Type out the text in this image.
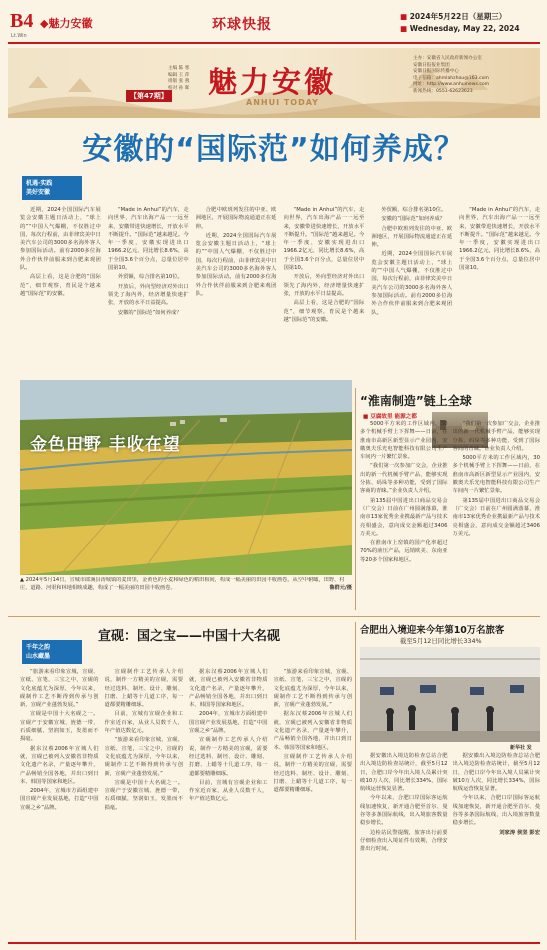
B4
Lt.Win
◆魅力安徽	环球快报
■ 2024年5月22日（星期三）
■ Wednesday, May 22, 2024
【第47期】
主编 陈 寒
编辑 王 萍
排版 张 燕
校对 孙 晖 魅力安徽
ANHUI TODAY
主办：安徽省人民政府新闻办公室
安徽日报报业集团
安徽日报国际传播中心
电子信箱：ahmlahzhou@163.com
网址：http://www.anhuinews.com
新闻热线：0551-62623623
安徽的“国际范”如何养成？
机遇·实践
美好安徽

近期，2024全国国际汽车展览会安徽主题日活动上，“球上的”“中国人气爆棚，不仅胜过中国，每次行程前，由菲律宾美中日美汽车公司的3000多名海外客人参加国际活动。前有2000多位海外合作伙伴前服来到合肥来观团队。

高层上看，这是合肥的“国际范”，细节观察，育民是个越来越“国际范”的安徽。

“Made in Anhui”的汽车，走向世界，汽车出海产品一一远至来，安徽带进快速增长，开放水平不断提升。“国际范”越来越足。今年一季度，安徽实现进出口1966.2亿元，同比增长8.6%，高于全国3.6个百分点，总量位居中国第10。

外贸额，综合排名第10位。

开放后，外向型经济对外出口领先了海内外，经济增量快速扩张，开放的水平日益提高。

安徽的“国际范”如何养成？

合肥中欧班列发往的中亚、欧洲地区，开展国际物流通道正在延伸。

近期，2024全国国际汽车展览会安徽主题日活动上，“球上的”“中国人气爆棚，不仅胜过中国，每次行程前，由菲律宾美中日美汽车公司的3000多名海外客人参加国际活动。前有2000多位海外合作伙伴前服来到合肥来观团队。

“Made in Anhui”的汽车，走向世界，汽车出海产品一一远至来，安徽带进快速增长，开放水平不断提升。“国际范”越来越足。今年一季度，安徽实现进出口1966.2亿元，同比增长8.6%，高于全国3.6个百分点，总量位居中国第10。

开放后，外向型经济对外出口领先了海内外，经济增量快速扩张，开放的水平日益提高。

高层上看，这是合肥的“国际范”，细节观察，育民是个越来越“国际范”的安徽。

外贸额，综合排名第10位。

安徽的“国际范”如何养成？

合肥中欧班列发往的中亚、欧洲地区，开展国际物流通道正在延伸。

近期，2024全国国际汽车展览会安徽主题日活动上，“球上的”“中国人气爆棚，不仅胜过中国，每次行程前，由菲律宾美中日美汽车公司的3000多名海外客人参加国际活动。前有2000多位海外合作伙伴前服来到合肥来观团队。

“Made in Anhui”的汽车，走向世界，汽车出海产品一一远至来，安徽带进快速增长，开放水平不断提升。“国际范”越来越足。今年一季度，安徽实现进出口1966.2亿元，同比增长8.6%，高于全国3.6个百分点，总量位居中国第10。

金色田野 丰收在望
▲ 2024年5月14日，宣城市郎溪县涛城镇的麦田里，金黄色的小麦和绿色的稻田相间，构成一幅美丽的田园丰收画卷。从空中俯瞰，田野、村庄、道路、河渠和林地相映成趣，构成了一幅美丽的田园丰收画卷。	鲁群元/摄
“淮南制造”链上全球
■ 豆腐故里 能源之都

5000平方米的工作区域内，30多个机械手臂上下挥舞——日前，在淮南市高新区新型显示产业园内，安徽奥夫乐光电智能科技有限公司生产车间内一片繁忙景象。

“我们第一次参加广交会，企业推出的新一代机械手臂产品，能够实现分拣、码垛等多种功能，受到了国际客商的青睐。”企业负责人介绍。

第135届中国进出口商品交易会（广交会）日前在广州圆满落幕，淮南市13家优秀企业携最新产品与技术亮相盛会，意向成交金额超过3406万美元。

在淮南市上窑镇的国产化率超过70%的液压产品，远销欧美、东南亚等20多个国家和地区。

“我们第一次参加广交会，企业推出的新一代机械手臂产品，能够实现分拣、码垛等多种功能，受到了国际客商的青睐。”企业负责人介绍。

5000平方米的工作区域内，30多个机械手臂上下挥舞——日前，在淮南市高新区新型显示产业园内，安徽奥夫乐光电智能科技有限公司生产车间内一片繁忙景象。

第135届中国进出口商品交易会（广交会）日前在广州圆满落幕，淮南市13家优秀企业携最新产品与技术亮相盛会，意向成交金额超过3406万美元。

宣砚：国之宝——中国十大名砚
千年之韵
山水藏墨

“旅游来看印象宣城，宣砚、宣纸、宣笔，三宝之中，宣砚的文化底蕴尤为深厚，今年以来，砚制作工艺不断得到传承与创新，宣砚产业蓬勃发展。”

宣砚是中国十大名砚之一。宣砚产于安徽宣城、旌德一带，石质细腻，坚润如玉，发墨而不损毫。

据东汉蔡2006年宣城人们就，宣砚已被列入安徽省非物质文化遗产名录，产量逐年攀升，产品畅销全国各地，并出口到日本、韩国等国家和地区。

2004年，宣城市方面组建中国宣砚产业发展基地，打造“中国宣砚之乡”品牌。

宣砚制作工艺传承人介绍说，制作一方精美的宣砚，需要经过选料、制坯、设计、雕刻、打磨、上蜡等十几道工序，每一道都要精雕细琢。

目前，宣城有宣砚企业和工作室近百家，从业人员数千人，年产值达数亿元。

“旅游来看印象宣城，宣砚、宣纸、宣笔，三宝之中，宣砚的文化底蕴尤为深厚，今年以来，砚制作工艺不断得到传承与创新，宣砚产业蓬勃发展。”

宣砚是中国十大名砚之一。宣砚产于安徽宣城、旌德一带，石质细腻，坚润如玉，发墨而不损毫。

据东汉蔡2006年宣城人们就，宣砚已被列入安徽省非物质文化遗产名录，产量逐年攀升，产品畅销全国各地，并出口到日本、韩国等国家和地区。

2004年，宣城市方面组建中国宣砚产业发展基地，打造“中国宣砚之乡”品牌。

宣砚制作工艺传承人介绍说，制作一方精美的宣砚，需要经过选料、制坯、设计、雕刻、打磨、上蜡等十几道工序，每一道都要精雕细琢。

目前，宣城有宣砚企业和工作室近百家，从业人员数千人，年产值达数亿元。

“旅游来看印象宣城，宣砚、宣纸、宣笔，三宝之中，宣砚的文化底蕴尤为深厚，今年以来，砚制作工艺不断得到传承与创新，宣砚产业蓬勃发展。”

据东汉蔡2006年宣城人们就，宣砚已被列入安徽省非物质文化遗产名录，产量逐年攀升，产品畅销全国各地，并出口到日本、韩国等国家和地区。

宣砚制作工艺传承人介绍说，制作一方精美的宣砚，需要经过选料、制坯、设计、雕刻、打磨、上蜡等十几道工序，每一道都要精雕细琢。

合肥出入境迎来今年第10万名旅客
截至5月12日同比增长334%
新华社 发

据安徽出入境边防检查总站合肥出入境边防检查站统计，截至5月12日，合肥口岸今年出入境人员累计突破10万人次，同比增长334%，国际航线运营恢复显著。

今年以来，合肥口岸国际客运航线加速恢复，新开通合肥至首尔、曼谷等多条国际航线，出入境旅客数量稳步增长。

边检站民警提醒，旅客出行前要仔细检查出入境证件有效期，合理安排出行时间。

据安徽出入境边防检查总站合肥出入境边防检查站统计，截至5月12日，合肥口岸今年出入境人员累计突破10万人次，同比增长334%，国际航线运营恢复显著。

今年以来，合肥口岸国际客运航线加速恢复，新开通合肥至首尔、曼谷等多条国际航线，出入境旅客数量稳步增长。

刘家涛 侯坚 彭宏
